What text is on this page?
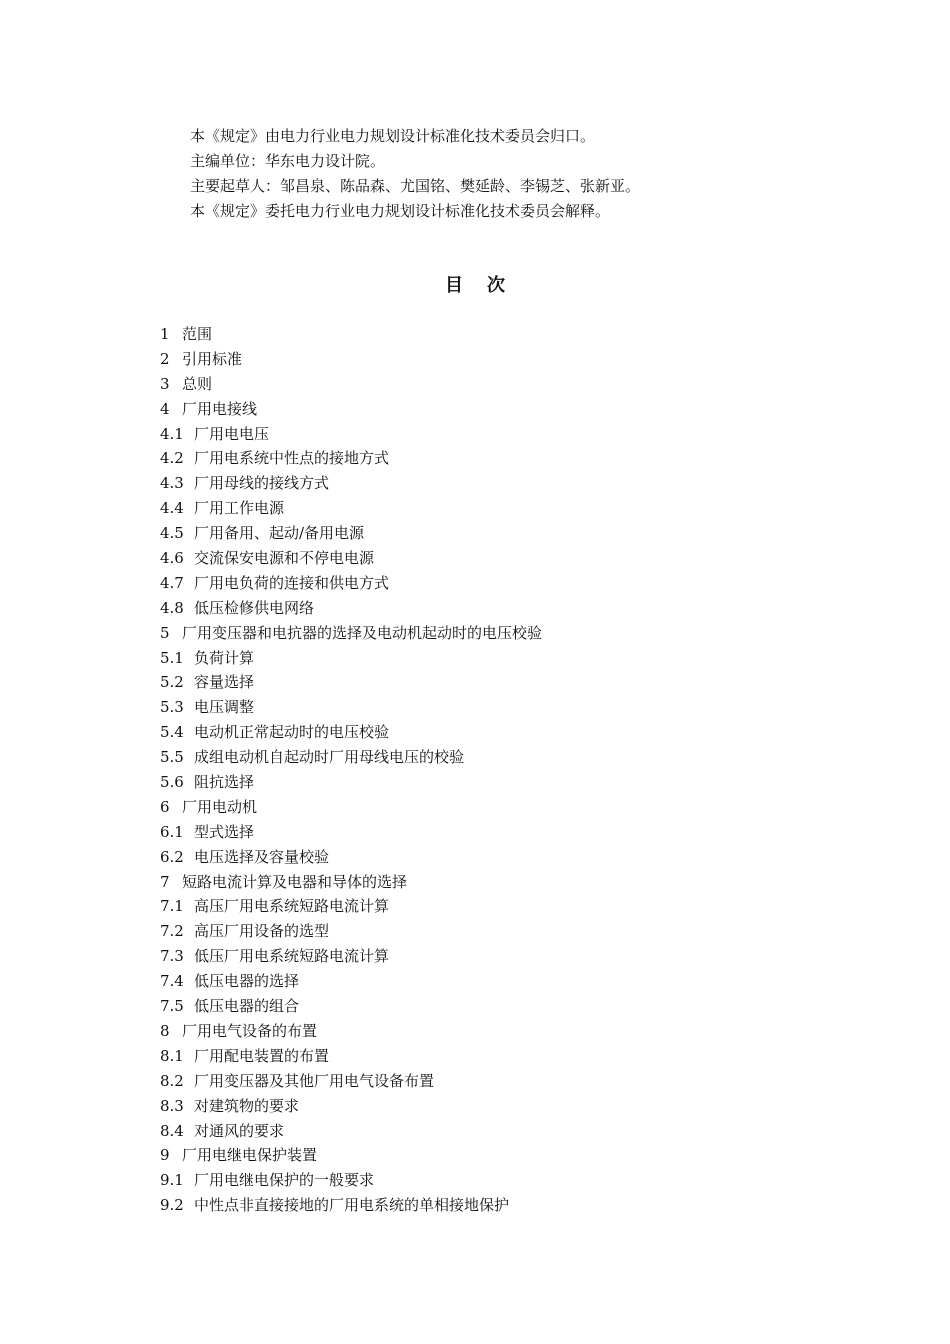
本《规定》由电力行业电力规划设计标准化技术委员会归口。

主编单位：华东电力设计院。

主要起草人：邹昌泉、陈品森、尤国铭、樊延龄、李锡芝、张新亚。

本《规定》委托电力行业电力规划设计标准化技术委员会解释。

目次
1 范围
2 引用标准
3 总则
4 厂用电接线
4.1 厂用电电压
4.2 厂用电系统中性点的接地方式
4.3 厂用母线的接线方式
4.4 厂用工作电源
4.5 厂用备用、起动/备用电源
4.6 交流保安电源和不停电电源
4.7 厂用电负荷的连接和供电方式
4.8 低压检修供电网络
5 厂用变压器和电抗器的选择及电动机起动时的电压校验
5.1 负荷计算
5.2 容量选择
5.3 电压调整
5.4 电动机正常起动时的电压校验
5.5 成组电动机自起动时厂用母线电压的校验
5.6 阻抗选择
6 厂用电动机
6.1 型式选择
6.2 电压选择及容量校验
7 短路电流计算及电器和导体的选择
7.1 高压厂用电系统短路电流计算
7.2 高压厂用设备的选型
7.3 低压厂用电系统短路电流计算
7.4 低压电器的选择
7.5 低压电器的组合
8 厂用电气设备的布置
8.1 厂用配电装置的布置
8.2 厂用变压器及其他厂用电气设备布置
8.3 对建筑物的要求
8.4 对通风的要求
9 厂用电继电保护装置
9.1 厂用电继电保护的一般要求
9.2 中性点非直接接地的厂用电系统的单相接地保护
